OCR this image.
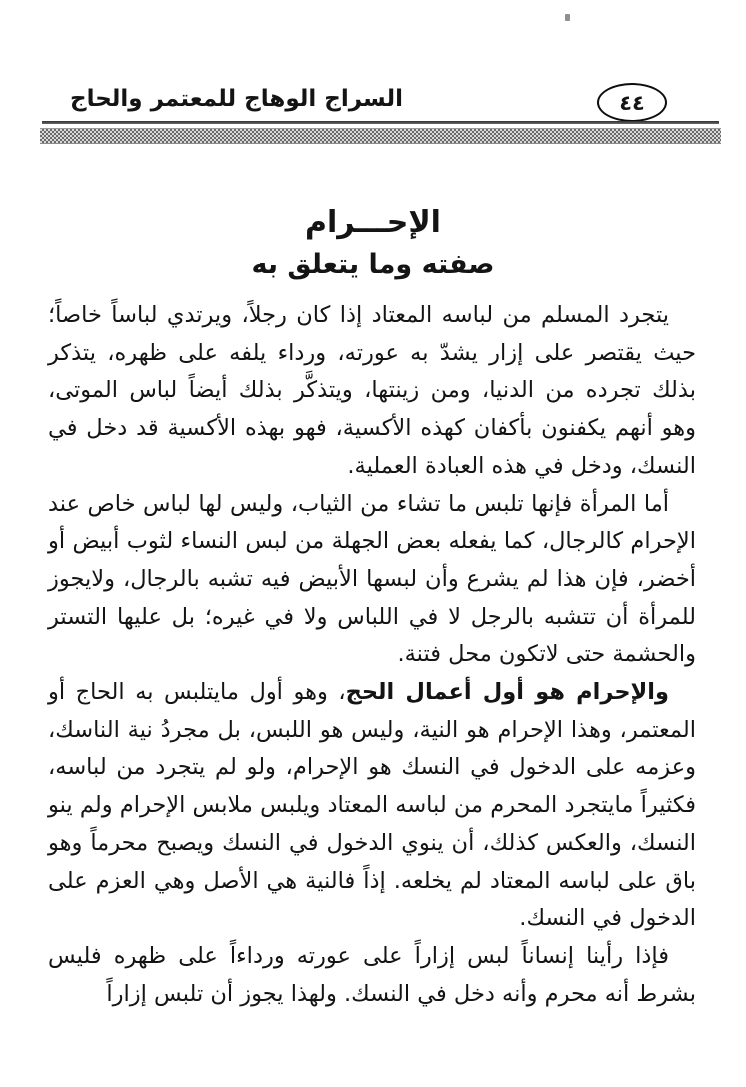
السراج الوهاج للمعتمر والحاج	٤٤
الإحـــرام
صفته وما يتعلق به

يتجرد المسلم من لباسه المعتاد إذا كان رجلاً، ويرتدي لباساً خاصاً؛ حيث يقتصر على إزار يشدّ به عورته، ورداء يلفه على ظهره، يتذكر بذلك تجرده من الدنيا، ومن زينتها، ويتذكَّر بذلك أيضاً لباس الموتى، وهو أنهم يكفنون بأكفان كهذه الأكسية، فهو بهذه الأكسية قد دخل في النسك، ودخل في هذه العبادة العملية.

أما المرأة فإنها تلبس ما تشاء من الثياب، وليس لها لباس خاص عند الإحرام كالرجال، كما يفعله بعض الجهلة من لبس النساء لثوب أبيض أو أخضر، فإن هذا لم يشرع وأن لبسها الأبيض فيه تشبه بالرجال، ولايجوز للمرأة أن تتشبه بالرجل لا في اللباس ولا في غيره؛ بل عليها التستر والحشمة حتى لاتكون محل فتنة.

والإحرام هو أول أعمال الحج، وهو أول مايتلبس به الحاج أو المعتمر، وهذا الإحرام هو النية، وليس هو اللبس، بل مجردُ نية الناسك، وعزمه على الدخول في النسك هو الإحرام، ولو لم يتجرد من لباسه، فكثيراً مايتجرد المحرم من لباسه المعتاد ويلبس ملابس الإحرام ولم ينو النسك، والعكس كذلك، أن ينوي الدخول في النسك ويصبح محرماً وهو باق على لباسه المعتاد لم يخلعه. إذاً فالنية هي الأصل وهي العزم على الدخول في النسك.

فإذا رأينا إنساناً لبس إزاراً على عورته ورداءاً على ظهره فليس بشرط أنه محرم وأنه دخل في النسك. ولهذا يجوز أن تلبس إزاراً
